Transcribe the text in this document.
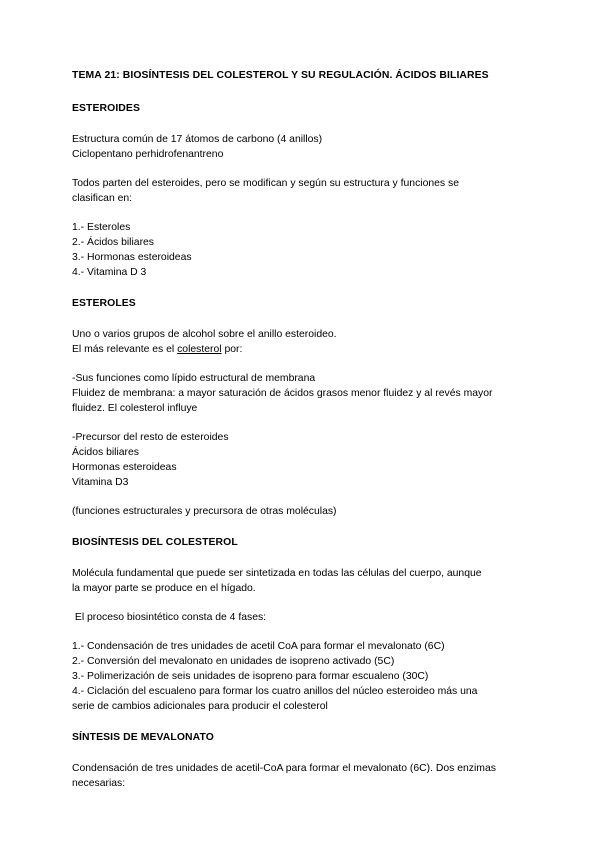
TEMA 21: BIOSÍNTESIS DEL COLESTEROL Y SU REGULACIÓN. ÁCIDOS BILIARES

ESTEROIDES

Estructura común de 17 átomos de carbono (4 anillos)
Ciclopentano perhidrofenantreno

Todos parten del esteroides, pero se modifican y según su estructura y funciones se
clasifican en:

1.- Esteroles
2.- Ácidos biliares
3.- Hormonas esteroideas
4.- Vitamina D 3

ESTEROLES

Uno o varios grupos de alcohol sobre el anillo esteroideo.
El más relevante es el colesterol por:

-Sus funciones como lípido estructural de membrana
Fluidez de membrana: a mayor saturación de ácidos grasos menor fluidez y al revés mayor
fluidez. El colesterol influye

-Precursor del resto de esteroides
Ácidos biliares
Hormonas esteroideas
Vitamina D3

(funciones estructurales y precursora de otras moléculas)

BIOSÍNTESIS DEL COLESTEROL

Molécula fundamental que puede ser sintetizada en todas las células del cuerpo, aunque
la mayor parte se produce en el hígado.

El proceso biosintético consta de 4 fases:

1.- Condensación de tres unidades de acetil CoA para formar el mevalonato (6C)
2.- Conversión del mevalonato en unidades de isopreno activado (5C)
3.- Polimerización de seis unidades de isopreno para formar escualeno (30C)
4.- Ciclación del escualeno para formar los cuatro anillos del núcleo esteroideo más una
serie de cambios adicionales para producir el colesterol

SÍNTESIS DE MEVALONATO

Condensación de tres unidades de acetil-CoA para formar el mevalonato (6C). Dos enzimas
necesarias:
